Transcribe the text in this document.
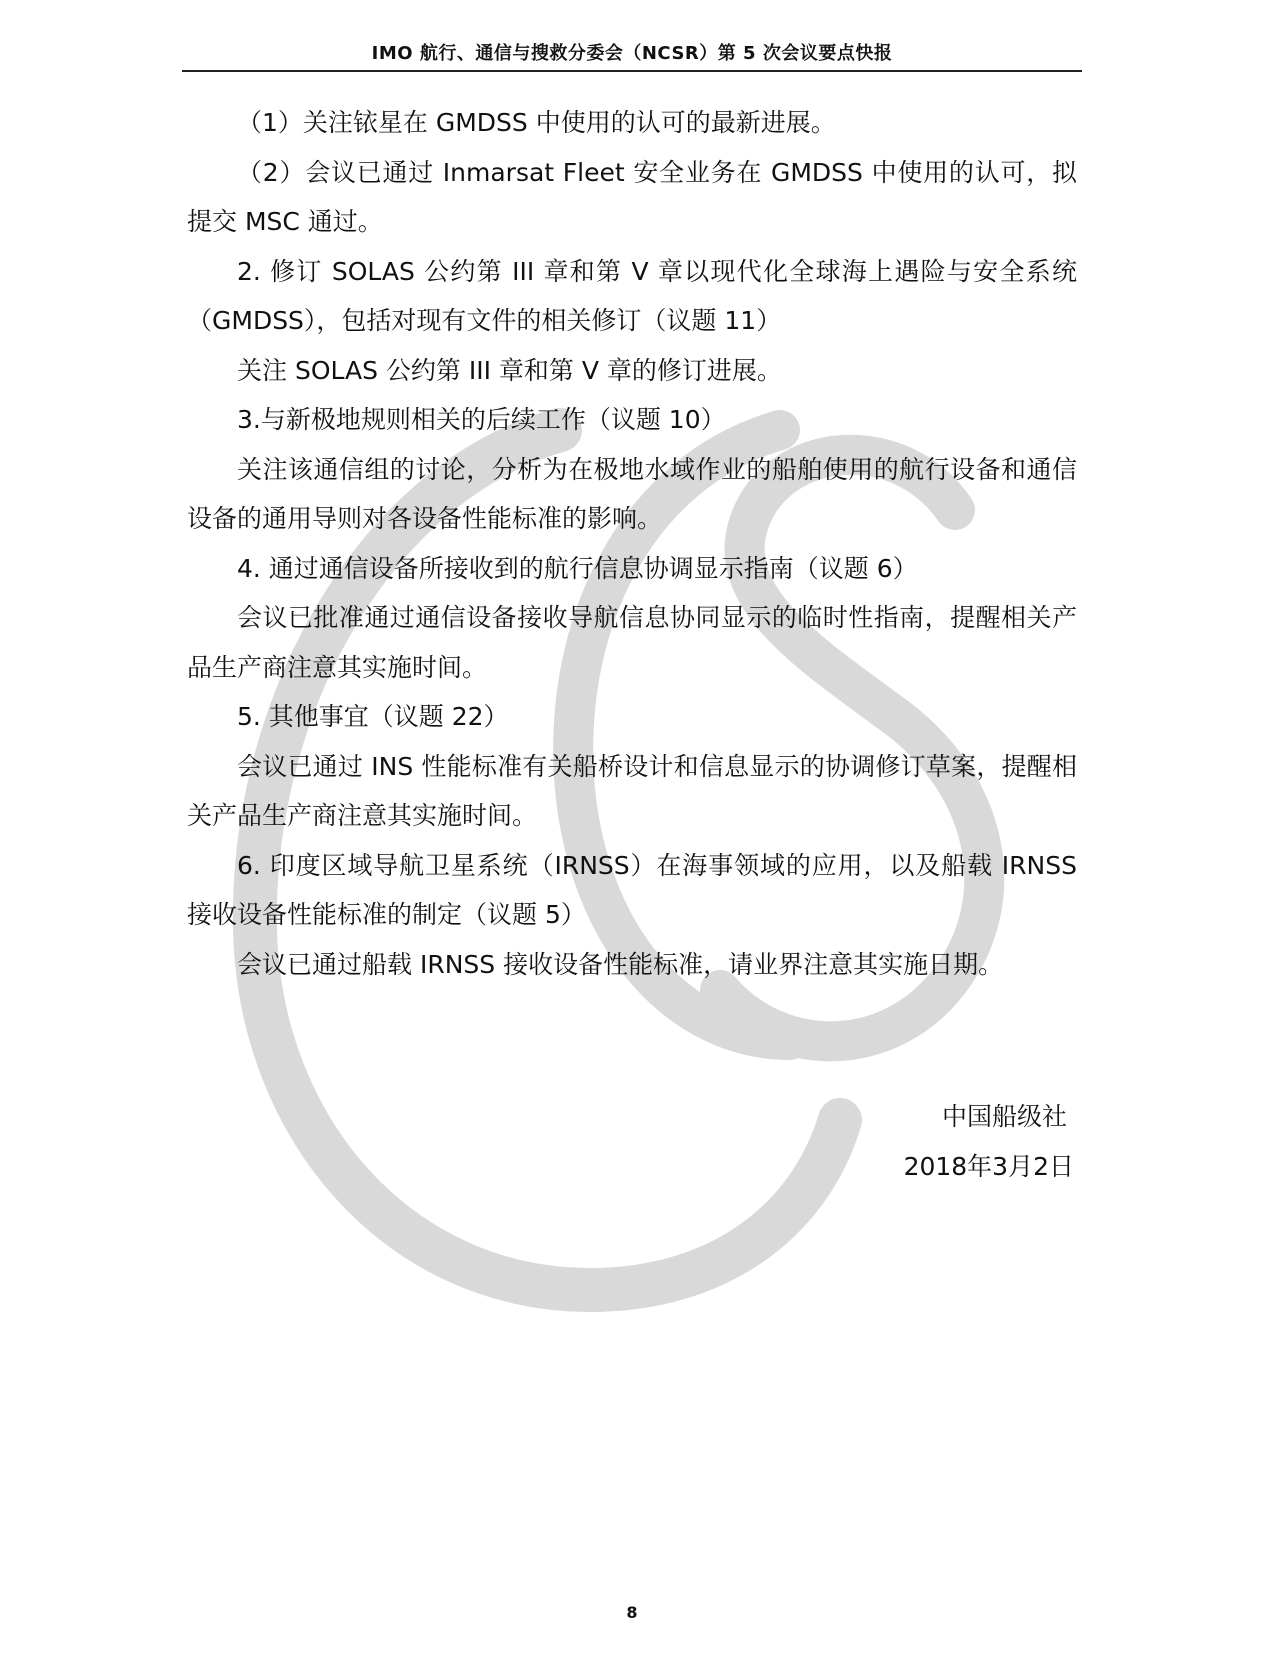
IMO 航行、通信与搜救分委会（NCSR）第 5 次会议要点快报

（1）关注铱星在 GMDSS 中使用的认可的最新进展。

（2）会议已通过 Inmarsat Fleet 安全业务在 GMDSS 中使用的认可，拟提交 MSC 通过。

2. 修订 SOLAS 公约第 III 章和第 V 章以现代化全球海上遇险与安全系统（GMDSS），包括对现有文件的相关修订（议题 11）

关注 SOLAS 公约第 III 章和第 V 章的修订进展。

3.与新极地规则相关的后续工作（议题 10）

关注该通信组的讨论，分析为在极地水域作业的船舶使用的航行设备和通信设备的通用导则对各设备性能标准的影响。

4. 通过通信设备所接收到的航行信息协调显示指南（议题 6）

会议已批准通过通信设备接收导航信息协同显示的临时性指南，提醒相关产品生产商注意其实施时间。

5. 其他事宜（议题 22）

会议已通过 INS 性能标准有关船桥设计和信息显示的协调修订草案，提醒相关产品生产商注意其实施时间。

6. 印度区域导航卫星系统（IRNSS）在海事领域的应用，以及船载 IRNSS 接收设备性能标准的制定（议题 5）

会议已通过船载 IRNSS 接收设备性能标准，请业界注意其实施日期。

中国船级社
2018年3月2日
8
